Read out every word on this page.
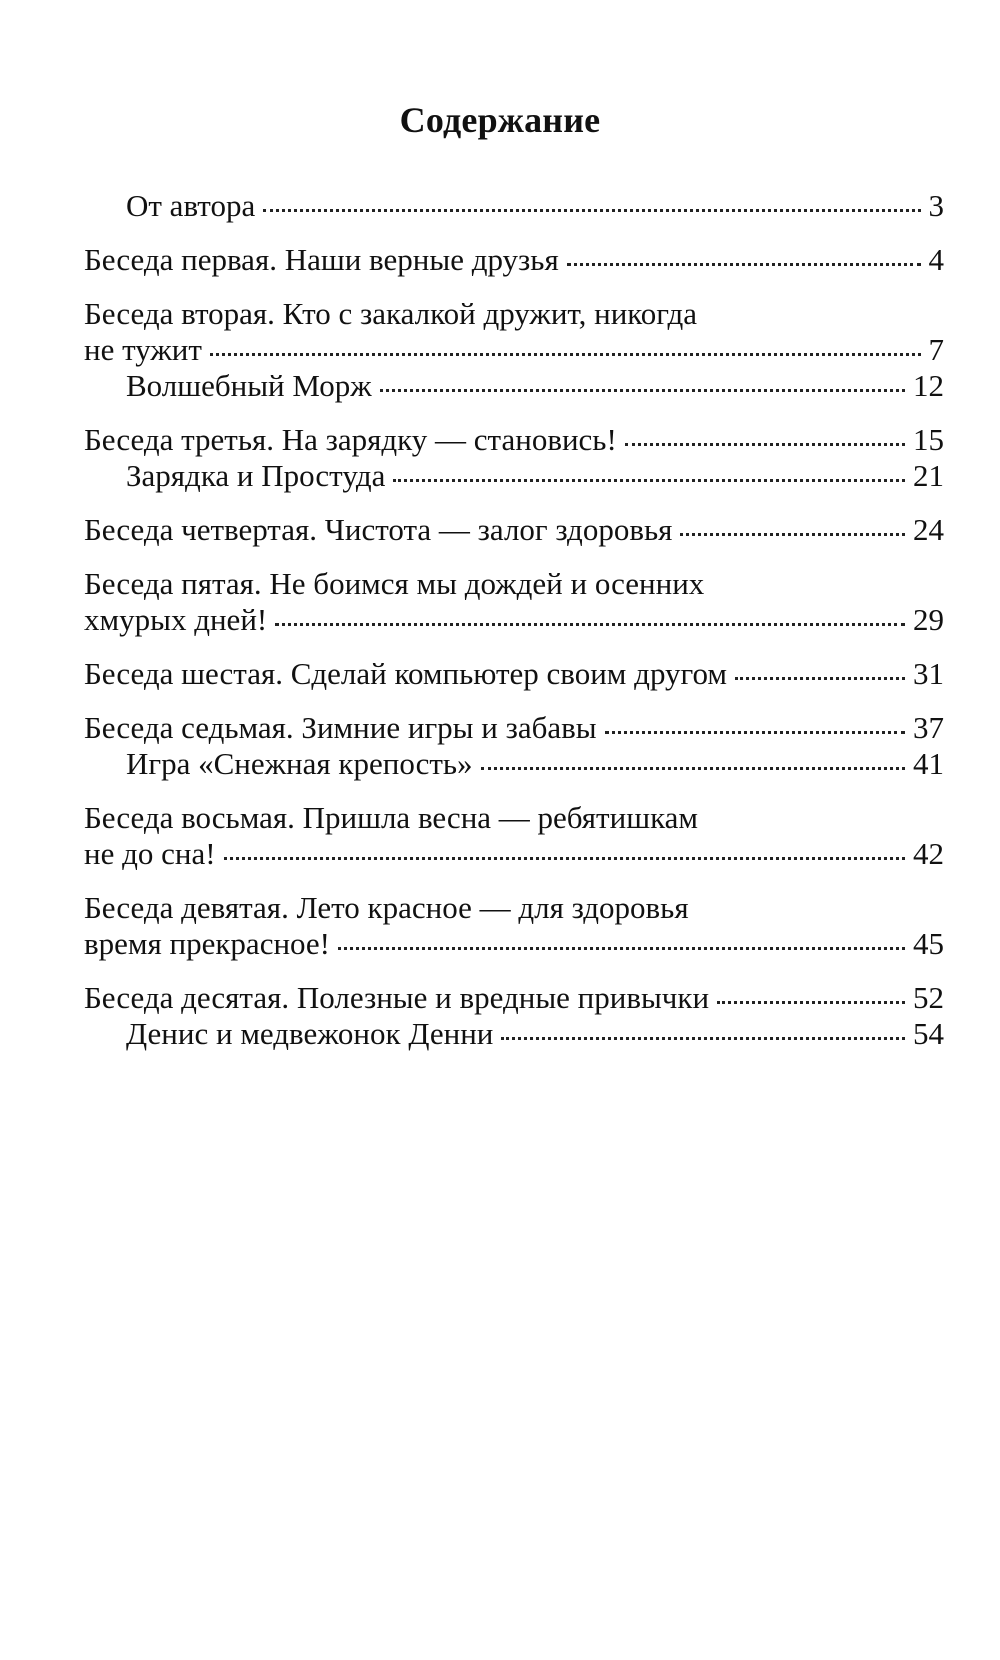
Содержание
От автора	3
Беседа первая. Наши верные друзья	4
Беседа вторая. Кто с закалкой дружит, никогда
не тужит	7
Волшебный Морж	12
Беседа третья. На зарядку — становись!	15
Зарядка и Простуда	21
Беседа четвертая. Чистота — залог здоровья	24
Беседа пятая. Не боимся мы дождей и осенних
хмурых дней!	29
Беседа шестая. Сделай компьютер своим другом	31
Беседа седьмая. Зимние игры и забавы	37
Игра «Снежная крепость»	41
Беседа восьмая. Пришла весна — ребятишкам
не до сна!	42
Беседа девятая. Лето красное — для здоровья
время прекрасное!	45
Беседа десятая. Полезные и вредные привычки	52
Денис и медвежонок Денни	54
